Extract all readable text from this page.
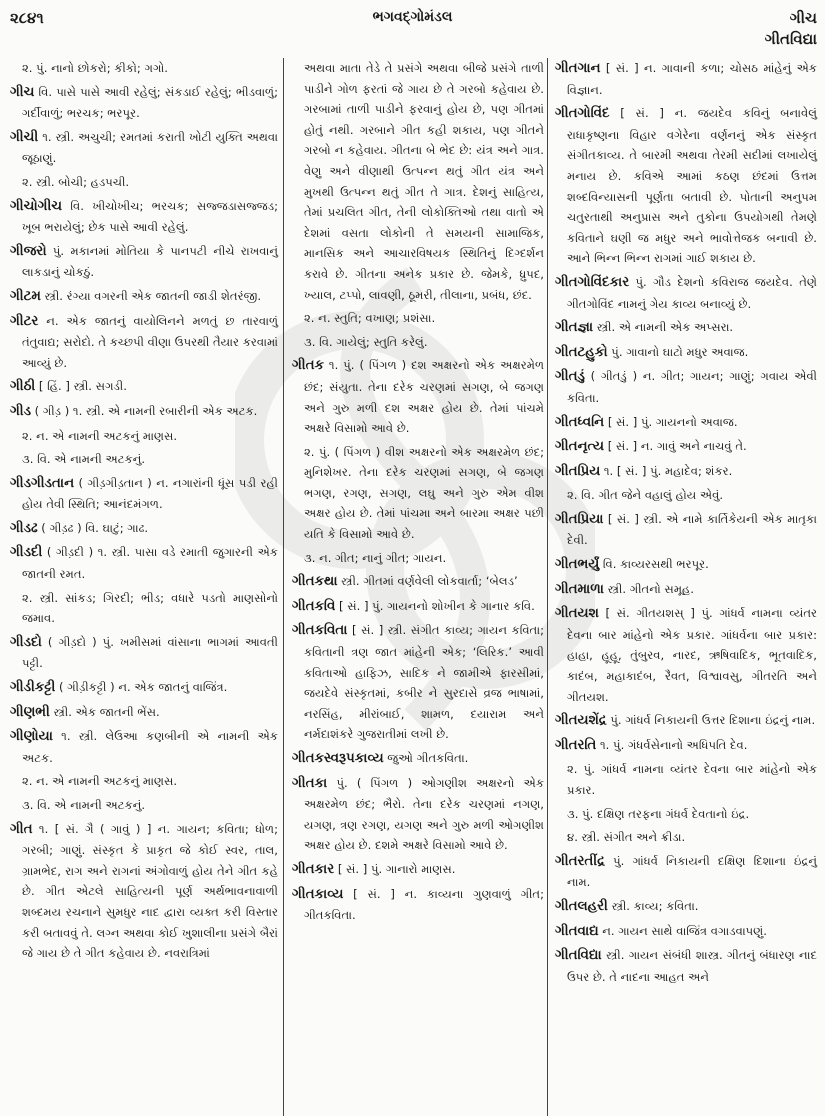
૨૮૪૧	ભગવદ્ગોમંડલ	ગીચ
ગીતવિદ્યા
૨. પું. નાનો છોકરો; કીકો; ગગો.
ગીચ વિ. પાસે પાસે આવી રહેલું; સંકડાઈ રહેલું; ભીડવાળું; ગર્દીવાળું; ભરચક; ભરપૂર.
ગીચી ૧. સ્ત્રી. અચુચી; રમતમાં કરાતી ખોટી યુક્તિ અથવા જૂઠાણું.
૨. સ્ત્રી. બોચી; હડપચી.
ગીચોગીચ વિ. ખીચોખીચ; ભરચક; સજ્જડાસજ્જડ; ખૂબ ભરાયેલું; છેક પાસે આવી રહેલું.
ગીજરો પું. મકાનમાં મોતિયા કે પાનપટી નીચે રાખવાનું લાકડાનું ચોકઠું.
ગીટમ સ્ત્રી. રંગ્યા વગરની એક જાતની જાડી શેતરંજી.
ગીટર ન. એક જાતનું વાયોલિનને મળતું છ તારવાળું તંતુવાદ્ય; સરોદો. તે કચ્છપી વીણા ઉપરથી તૈયાર કરવામાં આવ્યું છે.
ગીઠી [ હિં. ] સ્ત્રી. સગડી.
ગીડ ( ગીડ઼ ) ૧. સ્ત્રી. એ નામની રબારીની એક અટક.
૨. ન. એ નામની અટકનું માણસ.
૩. વિ. એ નામની અટકનું.
ગીડગીડતાન ( ગીડ઼ગીડ઼તાન ) ન. નગારાંની ધૂંસ પડી રહી હોય તેવી સ્થિતિ; આનંદમંગળ.
ગીડઢ ( ગીડ઼ઢ ) વિ. ઘાટું; ગાઢ.
ગીડદી ( ગીડ઼દી ) ૧. સ્ત્રી. પાસા વડે રમાતી જુગારની એક જાતની રમત.
૨. સ્ત્રી. સાંકડ; ગિરદી; ભીડ; વધારે પડતો માણસોનો જમાવ.
ગીડદો ( ગીડ઼દો ) પું. ખમીસમાં વાંસાના ભાગમાં આવતી પટ્ટી.
ગીડીકટ્ટી ( ગીડ઼ીકટ્ટી ) ન. એક જાતનું વાજિંત્ર.
ગીણભી સ્ત્રી. એક જાતની ભેંસ.
ગીણોયા ૧. સ્ત્રી. લેઉઆ કણબીની એ નામની એક અટક.
૨. ન. એ નામની અટકનું માણસ.
૩. વિ. એ નામની અટકનું.
ગીત ૧. [ સં. ગૈ ( ગાવું ) ] ન. ગાયન; કવિતા; ધોળ; ગરબી; ગાણું. સંસ્કૃત કે પ્રાકૃત જે કોઈ સ્વર, તાલ, ગ્રામભેદ, રાગ અને રાગનાં અંગોવાળું હોય તેને ગીત કહે છે. ગીત એટલે સાહિત્યની પૂર્ણ અર્થભાવનાવાળી શબ્દમય રચનાને સુમધુર નાદ દ્વારા વ્યક્ત કરી વિસ્તાર કરી બતાવવું તે. લગ્ન અથવા કોઈ ખુશાલીના પ્રસંગે બૈરાં જે ગાય છે તે ગીત કહેવાય છે. નવરાત્રિમાં
અથવા માતા તેડે તે પ્રસંગે અથવા બીજે પ્રસંગે તાળી પાડીને ગોળ ફરતાં જે ગાય છે તે ગરબો કહેવાય છે. ગરબામાં તાળી પાડીને ફરવાનું હોય છે, પણ ગીતમાં હોતું નથી. ગરબાને ગીત કહી શકાય, પણ ગીતને ગરબો ન કહેવાય. ગીતના બે ભેદ છે: યંત્ર અને ગાત્ર. વેણુ અને વીણાથી ઉત્પન્ન થતું ગીત યંત્ર અને મુખથી ઉત્પન્ન થતું ગીત તે ગાત્ર. દેશનું સાહિત્ય, તેમાં પ્રચલિત ગીત, તેની લોકોક્તિઓ તથા વાતો એ દેશમાં વસતા લોકોની તે સમયની સામાજિક, માનસિક અને આચારવિષયક સ્થિતિનું દિગ્દર્શન કરાવે છે. ગીતના અનેક પ્રકાર છે. જેમકે, ધ્રુપદ, ખ્યાલ, ટપ્પો, લાવણી, ઠૂમરી, તીલાના, પ્રબંધ, છંદ.
૨. ન. સ્તુતિ; વખાણ; પ્રશંસા.
૩. વિ. ગાયેલું; સ્તુતિ કરેલું.
ગીતક ૧. પું. ( પિંગળ ) દશ અક્ષરનો એક અક્ષરમેળ છંદ; સંયુતા. તેના દરેક ચરણમાં સગણ, બે જગણ અને ગુરુ મળી દશ અક્ષર હોય છે. તેમાં પાંચમે અક્ષરે વિસામો આવે છે.
૨. પું. ( પિંગળ ) વીશ અક્ષરનો એક અક્ષરમેળ છંદ; મુનિશેખર. તેના દરેક ચરણમાં સગણ, બે જગણ ભગણ, રગણ, સગણ, લઘુ અને ગુરુ એમ વીશ અક્ષર હોય છે. તેમાં પાંચમા અને બારમા અક્ષર પછી યતિ કે વિસામો આવે છે.
૩. ન. ગીત; નાનું ગીત; ગાયન.
ગીતકથા સ્ત્રી. ગીતમાં વર્ણવેલી લોકવાર્તા; ‘બેલડ’
ગીતકવિ [ સં. ] પું. ગાયનનો શોખીન કે ગાનાર કવિ.
ગીતકવિતા [ સં. ] સ્ત્રી. સંગીત કાવ્ય; ગાયન કવિતા; કવિતાની ત્રણ જાત માંહેની એક; ‘લિરિક.’ આવી કવિતાઓ હાફિઝ, સાદિક ને જામીએ ફારસીમાં, જયદેવે સંસ્કૃતમાં, કબીર ને સુરદાસે વ્રજ ભાષામાં, નરસિંહ, મીરાંબાઈ, શામળ, દયારામ અને નર્મદાશંકરે ગુજરાતીમાં લખી છે.
ગીતકસ્વરૂપકાવ્ય જુઓ ગીતકવિતા.
ગીતકા પું. ( પિંગળ ) ઓગણીશ અક્ષરનો એક અક્ષરમેળ છંદ; ભૈરો. તેના દરેક ચરણમાં નગણ, યગણ, ત્રણ રગણ, યગણ અને ગુરુ મળી ઓગણીશ અક્ષર હોય છે. દશમે અક્ષરે વિસામો આવે છે.
ગીતકાર [ સં. ] પું. ગાનારો માણસ.
ગીતકાવ્ય [ સં. ] ન. કાવ્યના ગુણવાળું ગીત; ગીતકવિતા.
ગીતગાન [ સં. ] ન. ગાવાની કળા; ચોસઠ માંહેનું એક વિજ્ઞાન.
ગીતગોવિંદ [ સં. ] ન. જયદેવ કવિનું બનાવેલું રાધાકૃષ્ણના વિહાર વગેરેના વર્ણનનું એક સંસ્કૃત સંગીતકાવ્ય. તે બારમી અથવા તેરમી સદીમાં લખાયેલું મનાય છે. કવિએ આમાં કઠણ છંદમાં ઉત્તમ શબ્દવિન્યાસની પૂર્ણતા બતાવી છે. પોતાની અનુપમ ચતુરતાથી અનુપ્રાસ અને તુકોના ઉપયોગથી તેમણે કવિતાને ઘણી જ મધુર અને ભાવોત્તેજક બનાવી છે. આને ભિન્ન ભિન્ન રાગમાં ગાઈ શકાય છે.
ગીતગોવિંદકાર પું. ગૌડ દેશનો કવિરાજ જયદેવ. તેણે ગીતગોવિંદ નામનું ગેય કાવ્ય બનાવ્યું છે.
ગીતજ્ઞા સ્ત્રી. એ નામની એક અપ્સરા.
ગીતટહુકો પું. ગાવાનો ઘાટો મધુર અવાજ.
ગીતડું ( ગીતડ઼ું ) ન. ગીત; ગાયન; ગાણું; ગવાય એવી કવિતા.
ગીતધ્વનિ [ સં. ] પું. ગાયનનો અવાજ.
ગીતનૃત્ય [ સં. ] ન. ગાવું અને નાચવું તે.
ગીતપ્રિય ૧. [ સં. ] પું. મહાદેવ; શંકર.
૨. વિ. ગીત જેને વહાલું હોય એવું.
ગીતપ્રિયા [ સં. ] સ્ત્રી. એ નામે કાર્તિકેયની એક માતૃકા દેવી.
ગીતભર્યું વિ. કાવ્યરસથી ભરપૂર.
ગીતમાળા સ્ત્રી. ગીતનો સમૂહ.
ગીતયશ [ સં. ગીતયશસ્ ] પું. ગાંધર્વ નામના વ્યંતર દેવના બાર માંહેનો એક પ્રકાર. ગાંધર્વના બાર પ્રકાર: હાહા, હૂહૂ, તુંબુરવ, નારદ, ઋષિવાદિક, ભૂતવાદિક, કાદંબ, મહાકાદંબ, રૈવત, વિશ્વાવસુ, ગીતરતિ અને ગીતયશ.
ગીતયશેંદ્ર પું. ગાંધર્વ નિકાયની ઉત્તર દિશાના ઇંદ્રનું નામ.
ગીતરતિ ૧. પું. ગંધર્વસેનાનો અધિપતિ દેવ.
૨. પું. ગાંધર્વ નામના વ્યંતર દેવના બાર માંહેનો એક પ્રકાર.
૩. પું. દક્ષિણ તરફના ગંધર્વ દેવતાનો ઇંદ્ર.
૪. સ્ત્રી. સંગીત અને ક્રીડા.
ગીતરતીંદ્ર પું. ગાંધર્વ નિકાયની દક્ષિણ દિશાના ઇંદ્રનું નામ.
ગીતલહરી સ્ત્રી. કાવ્ય; કવિતા.
ગીતવાદ્ય ન. ગાયન સાથે વાજિંત્ર વગાડવાપણું.
ગીતવિદ્યા સ્ત્રી. ગાયન સંબંધી શાસ્ત્ર. ગીતનું બંધારણ નાદ ઉપર છે. તે નાદના આહત અને
